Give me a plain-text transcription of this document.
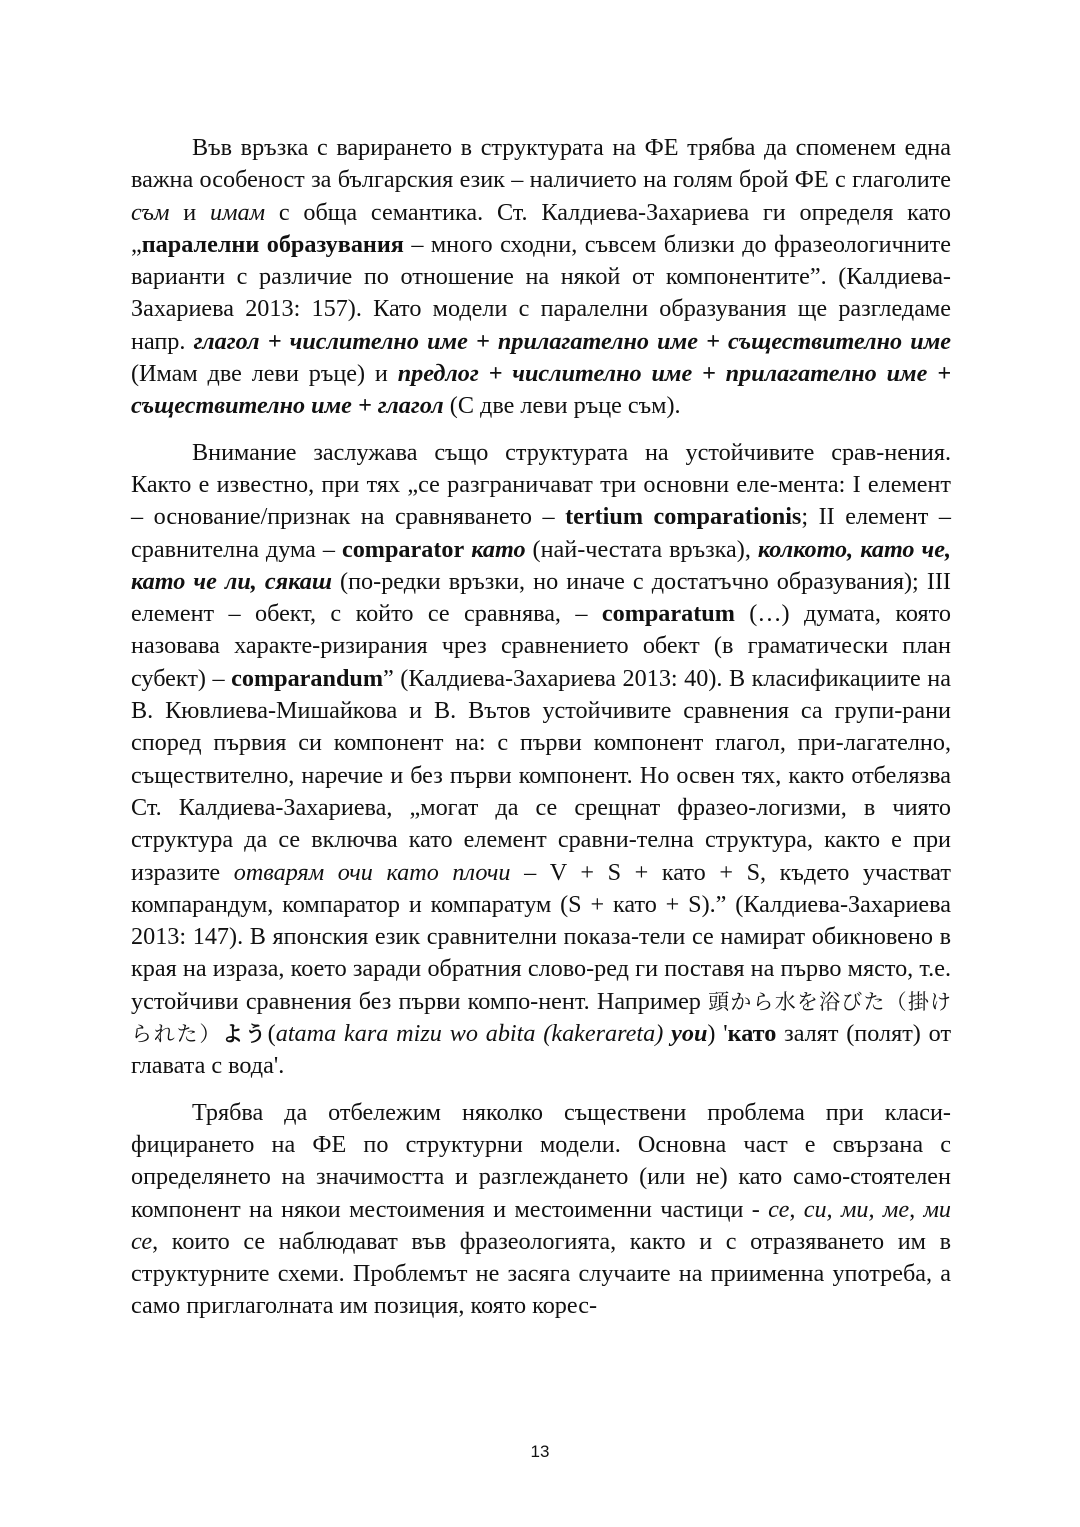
Във връзка с варирането в структурата на ФЕ трябва да споменем една важна особеност за българския език – наличието на голям брой ФЕ с глаголите съм и имам с обща семантика. Ст. Калдиева-Захариева ги определя като „паралелни образувания – много сходни, съвсем близки до фразеологичните варианти с различие по отношение на някой от компонентите”. (Калдиева-Захариева 2013: 157). Като модели с паралелни образувания ще разгледаме напр. глагол + числително име + прилагателно име + съществително име (Имам две леви ръце) и предлог + числително име + прилагателно име + съществително име + глагол (С две леви ръце съм).

Внимание заслужава също структурата на устойчивите срав-нения. Както е известно, при тях „се разграничават три основни еле-мента: I елемент – основание/признак на сравняването – tertium comparationis; II елемент – сравнителна дума – comparator като (най-честата връзка), колкото, като че, като че ли, сякаш (по-редки връзки, но иначе с достатъчно образувания); III елемент – обект, с който се сравнява, – comparatum (…) думата, която назовава характе-ризирания чрез сравнението обект (в граматически план субект) – comparandum” (Калдиева-Захариева 2013: 40). В класификациите на В. Кювлиева-Мишайкова и В. Вътов устойчивите сравнения са групи-рани според първия си компонент на: с първи компонент глагол, при-лагателно, съществително, наречие и без първи компонент. Но освен тях, както отбелязва Ст. Калдиева-Захариева, „могат да се срещнат фразео-логизми, в чиято структура да се включва като елемент сравни-телна структура, както е при изразите отварям очи като плочи – V + S + като + S, където участват компарандум, компаратор и компаратум (S + като + S).” (Калдиева-Захариева 2013: 147). В японския език сравнителни показа-тели се намират обикновено в края на израза, което заради обратния слово-ред ги поставя на първо място, т.е. устойчиви сравнения без първи компо-нент. Например 頭から水を浴びた（掛けられた）よう(atama kara mizu wo abita (kakerareta) you) 'като залят (полят) от главата с вода'.

Трябва да отбележим няколко съществени проблема при класи-фицирането на ФЕ по структурни модели. Основна част е свързана с определянето на значимостта и разглеждането (или не) като само-стоятелен компонент на някои местоимения и местоименни частици - се, си, ми, ме, ми се, които се наблюдават във фразеологията, както и с отразяването им в структурните схеми. Проблемът не засяга случаите на приименна употреба, а само приглаголната им позиция, която корес-

13
